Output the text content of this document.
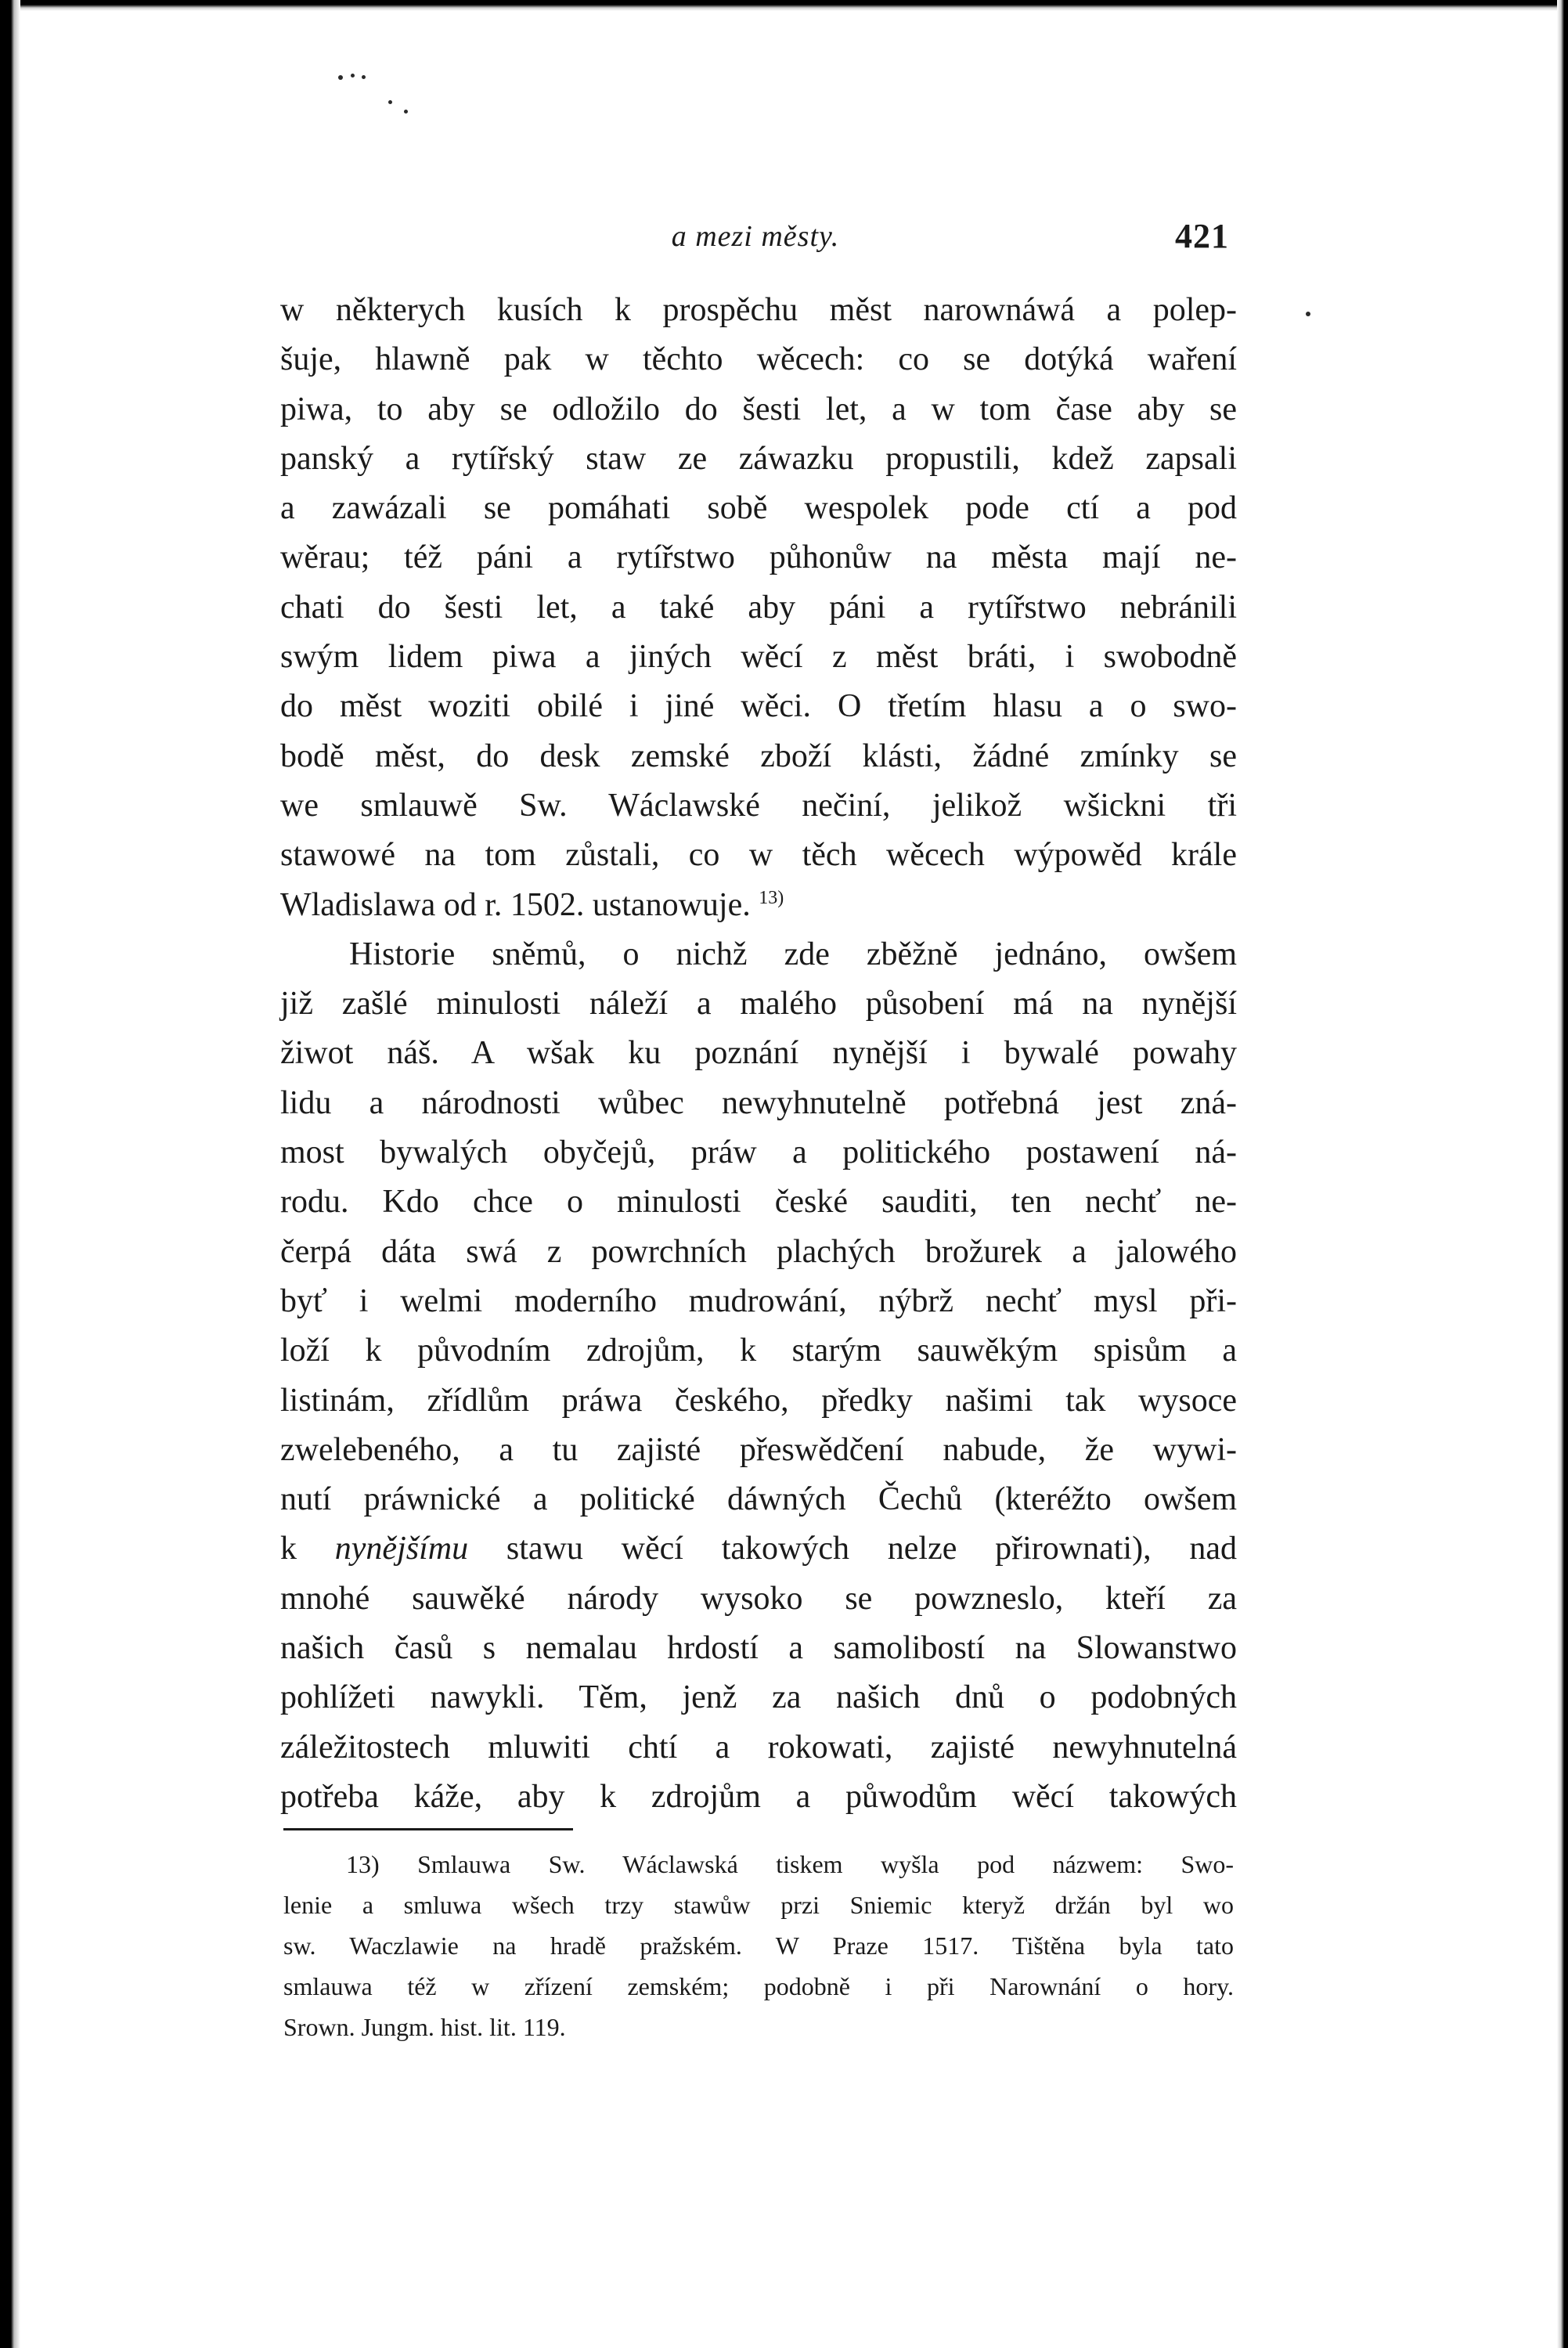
a mezi městy.	421
w některych kusích k prospěchu měst narownáwá a polep-
šuje, hlawně pak w těchto wěcech: co se dotýká waření
piwa, to aby se odložilo do šesti let, a w tom čase aby se
panský a rytířský staw ze záwazku propustili, kdež zapsali
a zawázali se pomáhati sobě wespolek pode ctí a pod
wěrau; též páni a rytířstwo půhonůw na města mají ne-
chati do šesti let, a také aby páni a rytířstwo nebránili
swým lidem piwa a jiných wěcí z měst bráti, i swobodně
do měst woziti obilé i jiné wěci. O třetím hlasu a o swo-
bodě měst, do desk zemské zboží klásti, žádné zmínky se
we smlauwě Sw. Wáclawské nečiní, jelikož wšickni tři
stawowé na tom zůstali, co w těch wěcech wýpowěd krále
Wladislawa od r. 1502. ustanowuje. $^{13)}$
Historie sněmů, o nichž zde zběžně jednáno, owšem
již zašlé minulosti náleží a malého působení má na nynější
žiwot náš. A wšak ku poznání nynější i bywalé powahy
lidu a národnosti wůbec newyhnutelně potřebná jest zná-
most bywalých obyčejů, práw a politického postawení ná-
rodu. Kdo chce o minulosti české sauditi, ten nechť ne-
čerpá dáta swá z powrchních plachých brožurek a jalowého
byť i welmi moderního mudrowání, nýbrž nechť mysl při-
loží k původním zdrojům, k starým sauwěkým spisům a
listinám, zřídlům práwa českého, předky našimi tak wysoce
zwelebeného, a tu zajisté přeswědčení nabude, že wywi-
nutí práwnické a politické dáwných Čechů (kteréžto owšem
k nynějšímu stawu wěcí takowých nelze přirownati), nad
mnohé sauwěké národy wysoko se powzneslo, kteří za
našich časů s nemalau hrdostí a samolibostí na Slowanstwo
pohlížeti nawykli. Těm, jenž za našich dnů o podobných
záležitostech mluwiti chtí a rokowati, zajisté newyhnutelná
potřeba káže, aby k zdrojům a půwodům wěcí takowých
13) Smlauwa Sw. Wáclawská tiskem wyšla pod názwem: Swo-
lenie a smluwa wšech trzy stawůw przi Sniemic kteryž držán byl wo
sw. Waczlawie na hradě pražském. W Praze 1517. Tištěna byla tato
smlauwa též w zřízení zemském; podobně i při Narownání o hory.
Srown. Jungm. hist. lit. 119.
